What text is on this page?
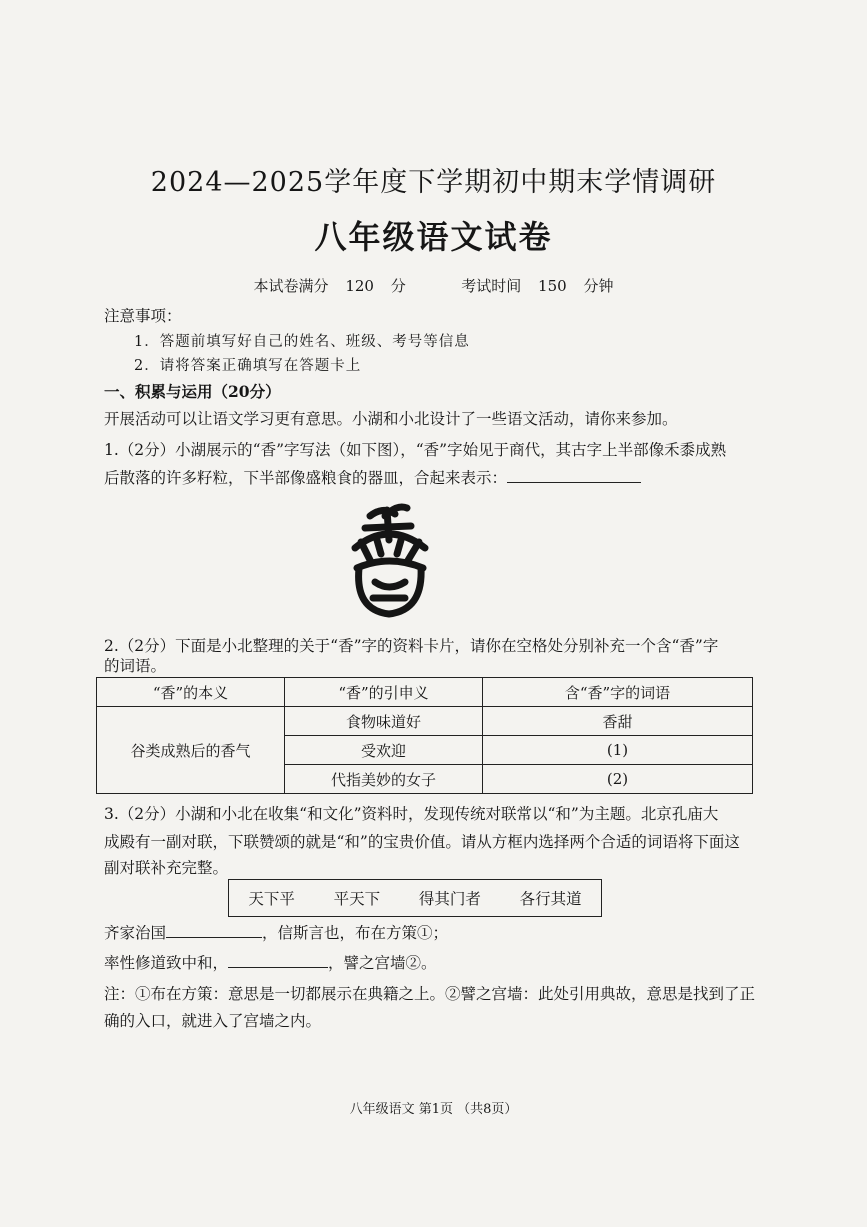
2024—2025学年度下学期初中期末学情调研
八年级语文试卷
本试卷满分 120 分	考试时间 150 分钟
注意事项：
1．答题前填写好自己的姓名、班级、考号等信息
2．请将答案正确填写在答题卡上
一、积累与运用（20分）
开展活动可以让语文学习更有意思。小湖和小北设计了一些语文活动，请你来参加。
1.（2分）小湖展示的“香”字写法（如下图），“香”字始见于商代，其古字上半部像禾黍成熟
后散落的许多籽粒，下半部像盛粮食的器皿，合起来表示：
2.（2分）下面是小北整理的关于“香”字的资料卡片，请你在空格处分别补充一个含“香”字
的词语。
“香”的本义	“香”的引申义	含“香”字的词语
谷类成熟后的香气	食物味道好	香甜
	受欢迎	(1)
	代指美妙的女子	(2)
3.（2分）小湖和小北在收集“和文化”资料时，发现传统对联常以“和”为主题。北京孔庙大
成殿有一副对联，下联赞颂的就是“和”的宝贵价值。请从方框内选择两个合适的词语将下面这
副对联补充完整。
天下平 平天下 得其门者 各行其道
齐家治国	，信斯言也，布在方策①；
率性修道致中和，	，譬之宫墙②。
注：①布在方策：意思是一切都展示在典籍之上。②譬之宫墙：此处引用典故，意思是找到了正
确的入口，就进入了宫墙之内。
八年级语文 第1页 （共8页）
